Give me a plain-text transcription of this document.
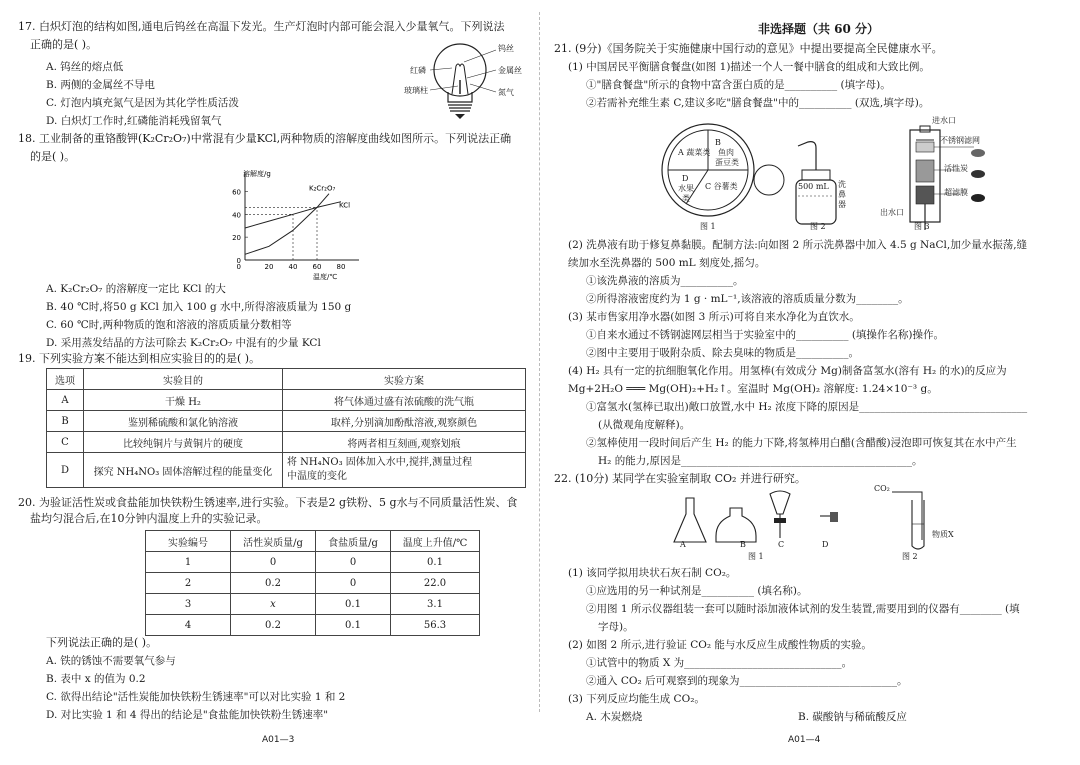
17. 白炽灯泡的结构如图,通电后钨丝在高温下发光。生产灯泡时内部可能会混入少量氧气。下列说法
正确的是( )。
A. 钨丝的熔点低
B. 两侧的金属丝不导电
C. 灯泡内填充氮气是因为其化学性质活泼
D. 白炽灯工作时,红磷能消耗残留氧气
钨丝
红磷	金属丝
玻璃柱	氮气
18. 工业制备的重铬酸钾(K₂Cr₂O₇)中常混有少量KCl,两种物质的溶解度曲线如图所示。下列说法正确
的是( )。
0
20
40
60
20 40 60 80
0
K₂Cr₂O₇
KCl
溶解度/g
温度/℃
A. K₂Cr₂O₇ 的溶解度一定比 KCl 的大
B. 40 ℃时,将50 g KCl 加入 100 g 水中,所得溶液质量为 150 g
C. 60 ℃时,两种物质的饱和溶液的溶质质量分数相等
D. 采用蒸发结晶的方法可除去 K₂Cr₂O₇ 中混有的少量 KCl
19. 下列实验方案不能达到相应实验目的的是( )。
选项	实验目的	实验方案
A	干燥 H₂	将气体通过盛有浓硫酸的洗气瓶
B	鉴别稀硫酸和氯化钠溶液	取样,分别滴加酚酞溶液,观察颜色
C	比较纯铜片与黄铜片的硬度	将两者相互刻画,观察划痕
D	探究 NH₄NO₃ 固体溶解过程的能量变化	将 NH₄NO₃ 固体加入水中,搅拌,测量过程
中温度的变化
20. 为验证活性炭或食盐能加快铁粉生锈速率,进行实验。下表是2 g铁粉、5 g水与不同质量活性炭、食
盐均匀混合后,在10分钟内温度上升的实验记录。
实验编号	活性炭质量/g	食盐质量/g	温度上升值/℃
1	0	0	0.1
2	0.2	0	22.0
3	x	0.1	3.1
4	0.2	0.1	56.3
下列说法正确的是( )。
A. 铁的锈蚀不需要氧气参与
B. 表中 x 的值为 0.2
C. 欲得出结论"活性炭能加快铁粉生锈速率"可以对比实验 1 和 2
D. 对比实验 1 和 4 得出的结论是"食盐能加快铁粉生锈速率"
A01—3
非选择题（共 60 分）
21. (9分)《国务院关于实施健康中国行动的意见》中提出要提高全民健康水平。
(1) 中国居民平衡膳食餐盘(如图 1)描述一个人一餐中膳食的组成和大致比例。
①"膳食餐盘"所示的食物中富含蛋白质的是__________ (填字母)。
②若需补充维生素 C,建议多吃"膳食餐盘"中的__________ (双选,填字母)。
A 蔬菜类
B
鱼肉
蛋豆类
C 谷薯类
D
水果
类
图 1
500 mL 洗
鼻
器
图 2
进水口
不锈钢滤网
活性炭
超滤膜
出水口
图 3
(2) 洗鼻液有助于修复鼻黏膜。配制方法:向如图 2 所示洗鼻器中加入 4.5 g NaCl,加少量水振荡,缝
续加水至洗鼻器的 500 mL 刻度处,摇匀。
①该洗鼻液的溶质为__________。
②所得溶液密度约为 1 g · mL⁻¹,该溶液的溶质质量分数为________。
(3) 某市售家用净水器(如图 3 所示)可将自来水净化为直饮水。
①自来水通过不锈钢滤网层相当于实验室中的__________ (填操作名称)操作。
②图中主要用于吸附杂质、除去臭味的物质是__________。
(4) H₂ 具有一定的抗细胞氧化作用。用氢棒(有效成分 Mg)制备富氢水(溶有 H₂ 的水)的反应为
Mg+2H₂O ═══ Mg(OH)₂+H₂↑。室温时 Mg(OH)₂ 溶解度: 1.24×10⁻³ g。
①富氢水(氢棒已取出)敞口放置,水中 H₂ 浓度下降的原因是________________________________
(从微观角度解释)。
②氢棒使用一段时间后产生 H₂ 的能力下降,将氢棒用白醋(含醋酸)浸泡即可恢复其在水中产生
H₂ 的能力,原因是____________________________________________。
22. (10分) 某同学在实验室制取 CO₂ 并进行研究。
A	B	C	D
图 1
CO₂
物质X
图 2
(1) 该同学拟用块状石灰石制 CO₂。
①应选用的另一种试剂是__________ (填名称)。
②用图 1 所示仪器组装一套可以随时添加液体试剂的发生装置,需要用到的仪器有________ (填
字母)。
(2) 如图 2 所示,进行验证 CO₂ 能与水反应生成酸性物质的实验。
①试管中的物质 X 为______________________________。
②通入 CO₂ 后可观察到的现象为______________________________。
(3) 下列反应均能生成 CO₂。
A. 木炭燃烧	B. 碳酸钠与稀硫酸反应
A01—4
